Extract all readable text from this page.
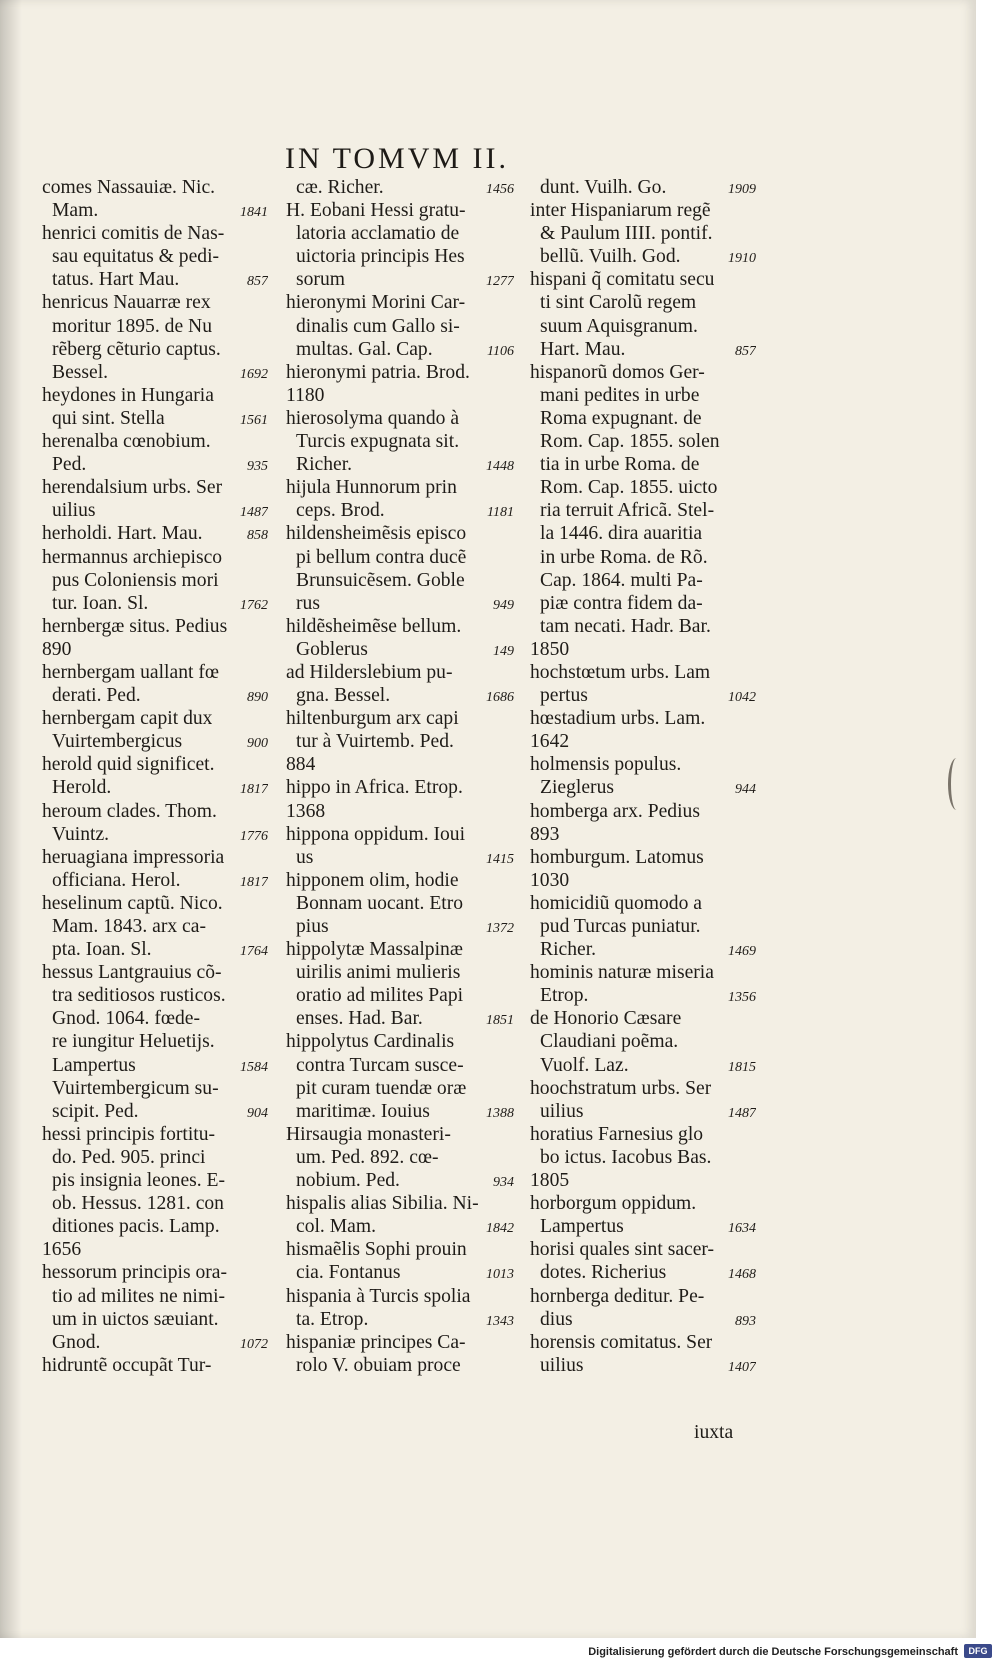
IN TOMVM II.
comes Nassauiæ. Nic.
Mam.	1841
henrici comitis de Nas-
sau equitatus & pedi-
tatus. Hart Mau.	857
henricus Nauarræ rex
moritur 1895. de Nu
rẽberg cẽturio captus.
Bessel.	1692
heydones in Hungaria
qui sint. Stella	1561
herenalba cœnobium.
Ped.	935
herendalsium urbs. Ser
uilius	1487
herholdi. Hart. Mau.	858
hermannus archiepisco
pus Coloniensis mori
tur. Ioan. Sl.	1762
hernbergæ situs. Pedius
890
hernbergam uallant fœ
derati. Ped.	890
hernbergam capit dux
Vuirtembergicus	900
herold quid significet.
Herold.	1817
heroum clades. Thom.
Vuintz.	1776
heruagiana impressoria
officiana. Herol.	1817
heselinum captũ. Nico.
Mam. 1843. arx ca-
pta. Ioan. Sl.	1764
hessus Lantgrauius cõ-
tra seditiosos rusticos.
Gnod. 1064. fœde-
re iungitur Heluetijs.
Lampertus	1584
Vuirtembergicum su-
scipit. Ped.	904
hessi principis fortitu-
do. Ped. 905. princi
pis insignia leones. E-
ob. Hessus. 1281. con
ditiones pacis. Lamp.
1656
hessorum principis ora-
tio ad milites ne nimi-
um in uictos sæuiant.
Gnod.	1072
hidruntẽ occupãt Tur-
cæ. Richer.	1456
H. Eobani Hessi gratu-
latoria acclamatio de
uictoria principis Hes
sorum	1277
hieronymi Morini Car-
dinalis cum Gallo si-
multas. Gal. Cap.	1106
hieronymi patria. Brod.
1180
hierosolyma quando à
Turcis expugnata sit.
Richer.	1448
hijula Hunnorum prin
ceps. Brod.	1181
hildensheimẽsis episco
pi bellum contra ducẽ
Brunsuicẽsem. Goble
rus	949
hildẽsheimẽse bellum.
Goblerus	149
ad Hilderslebium pu-
gna. Bessel.	1686
hiltenburgum arx capi
tur à Vuirtemb. Ped.
884
hippo in Africa. Etrop.
1368
hippona oppidum. Ioui
us	1415
hipponem olim, hodie
Bonnam uocant. Etro
pius	1372
hippolytæ Massalpinæ
uirilis animi mulieris
oratio ad milites Papi
enses. Had. Bar.	1851
hippolytus Cardinalis
contra Turcam susce-
pit curam tuendæ oræ
maritimæ. Iouius	1388
Hirsaugia monasteri-
um. Ped. 892. cœ-
nobium. Ped.	934
hispalis alias Sibilia. Ni-
col. Mam.	1842
hismaẽlis Sophi prouin
cia. Fontanus	1013
hispania à Turcis spolia
ta. Etrop.	1343
hispaniæ principes Ca-
rolo V. obuiam proce
dunt. Vuilh. Go.	1909
inter Hispaniarum regẽ
& Paulum IIII. pontif.
bellũ. Vuilh. God.	1910
hispani q̃ comitatu secu
ti sint Carolũ regem
suum Aquisgranum.
Hart. Mau.	857
hispanorũ domos Ger-
mani pedites in urbe
Roma expugnant. de
Rom. Cap. 1855. solen
tia in urbe Roma. de
Rom. Cap. 1855. uicto
ria terruit Africã. Stel-
la 1446. dira auaritia
in urbe Roma. de Rõ.
Cap. 1864. multi Pa-
piæ contra fidem da-
tam necati. Hadr. Bar.
1850
hochstœtum urbs. Lam
pertus	1042
hœstadium urbs. Lam.
1642
holmensis populus.
Zieglerus	944
homberga arx. Pedius
893
homburgum. Latomus
1030
homicidiũ quomodo a
pud Turcas puniatur.
Richer.	1469
hominis naturæ miseria
Etrop.	1356
de Honorio Cæsare
Claudiani poẽma.
Vuolf. Laz.	1815
hoochstratum urbs. Ser
uilius	1487
horatius Farnesius glo
bo ictus. Iacobus Bas.
1805
horborgum oppidum.
Lampertus	1634
horisi quales sint sacer-
dotes. Richerius	1468
hornberga deditur. Pe-
dius	893
horensis comitatus. Ser
uilius	1407
iuxta
Digitalisierung gefördert durch die Deutsche Forschungsgemeinschaft	DFG
